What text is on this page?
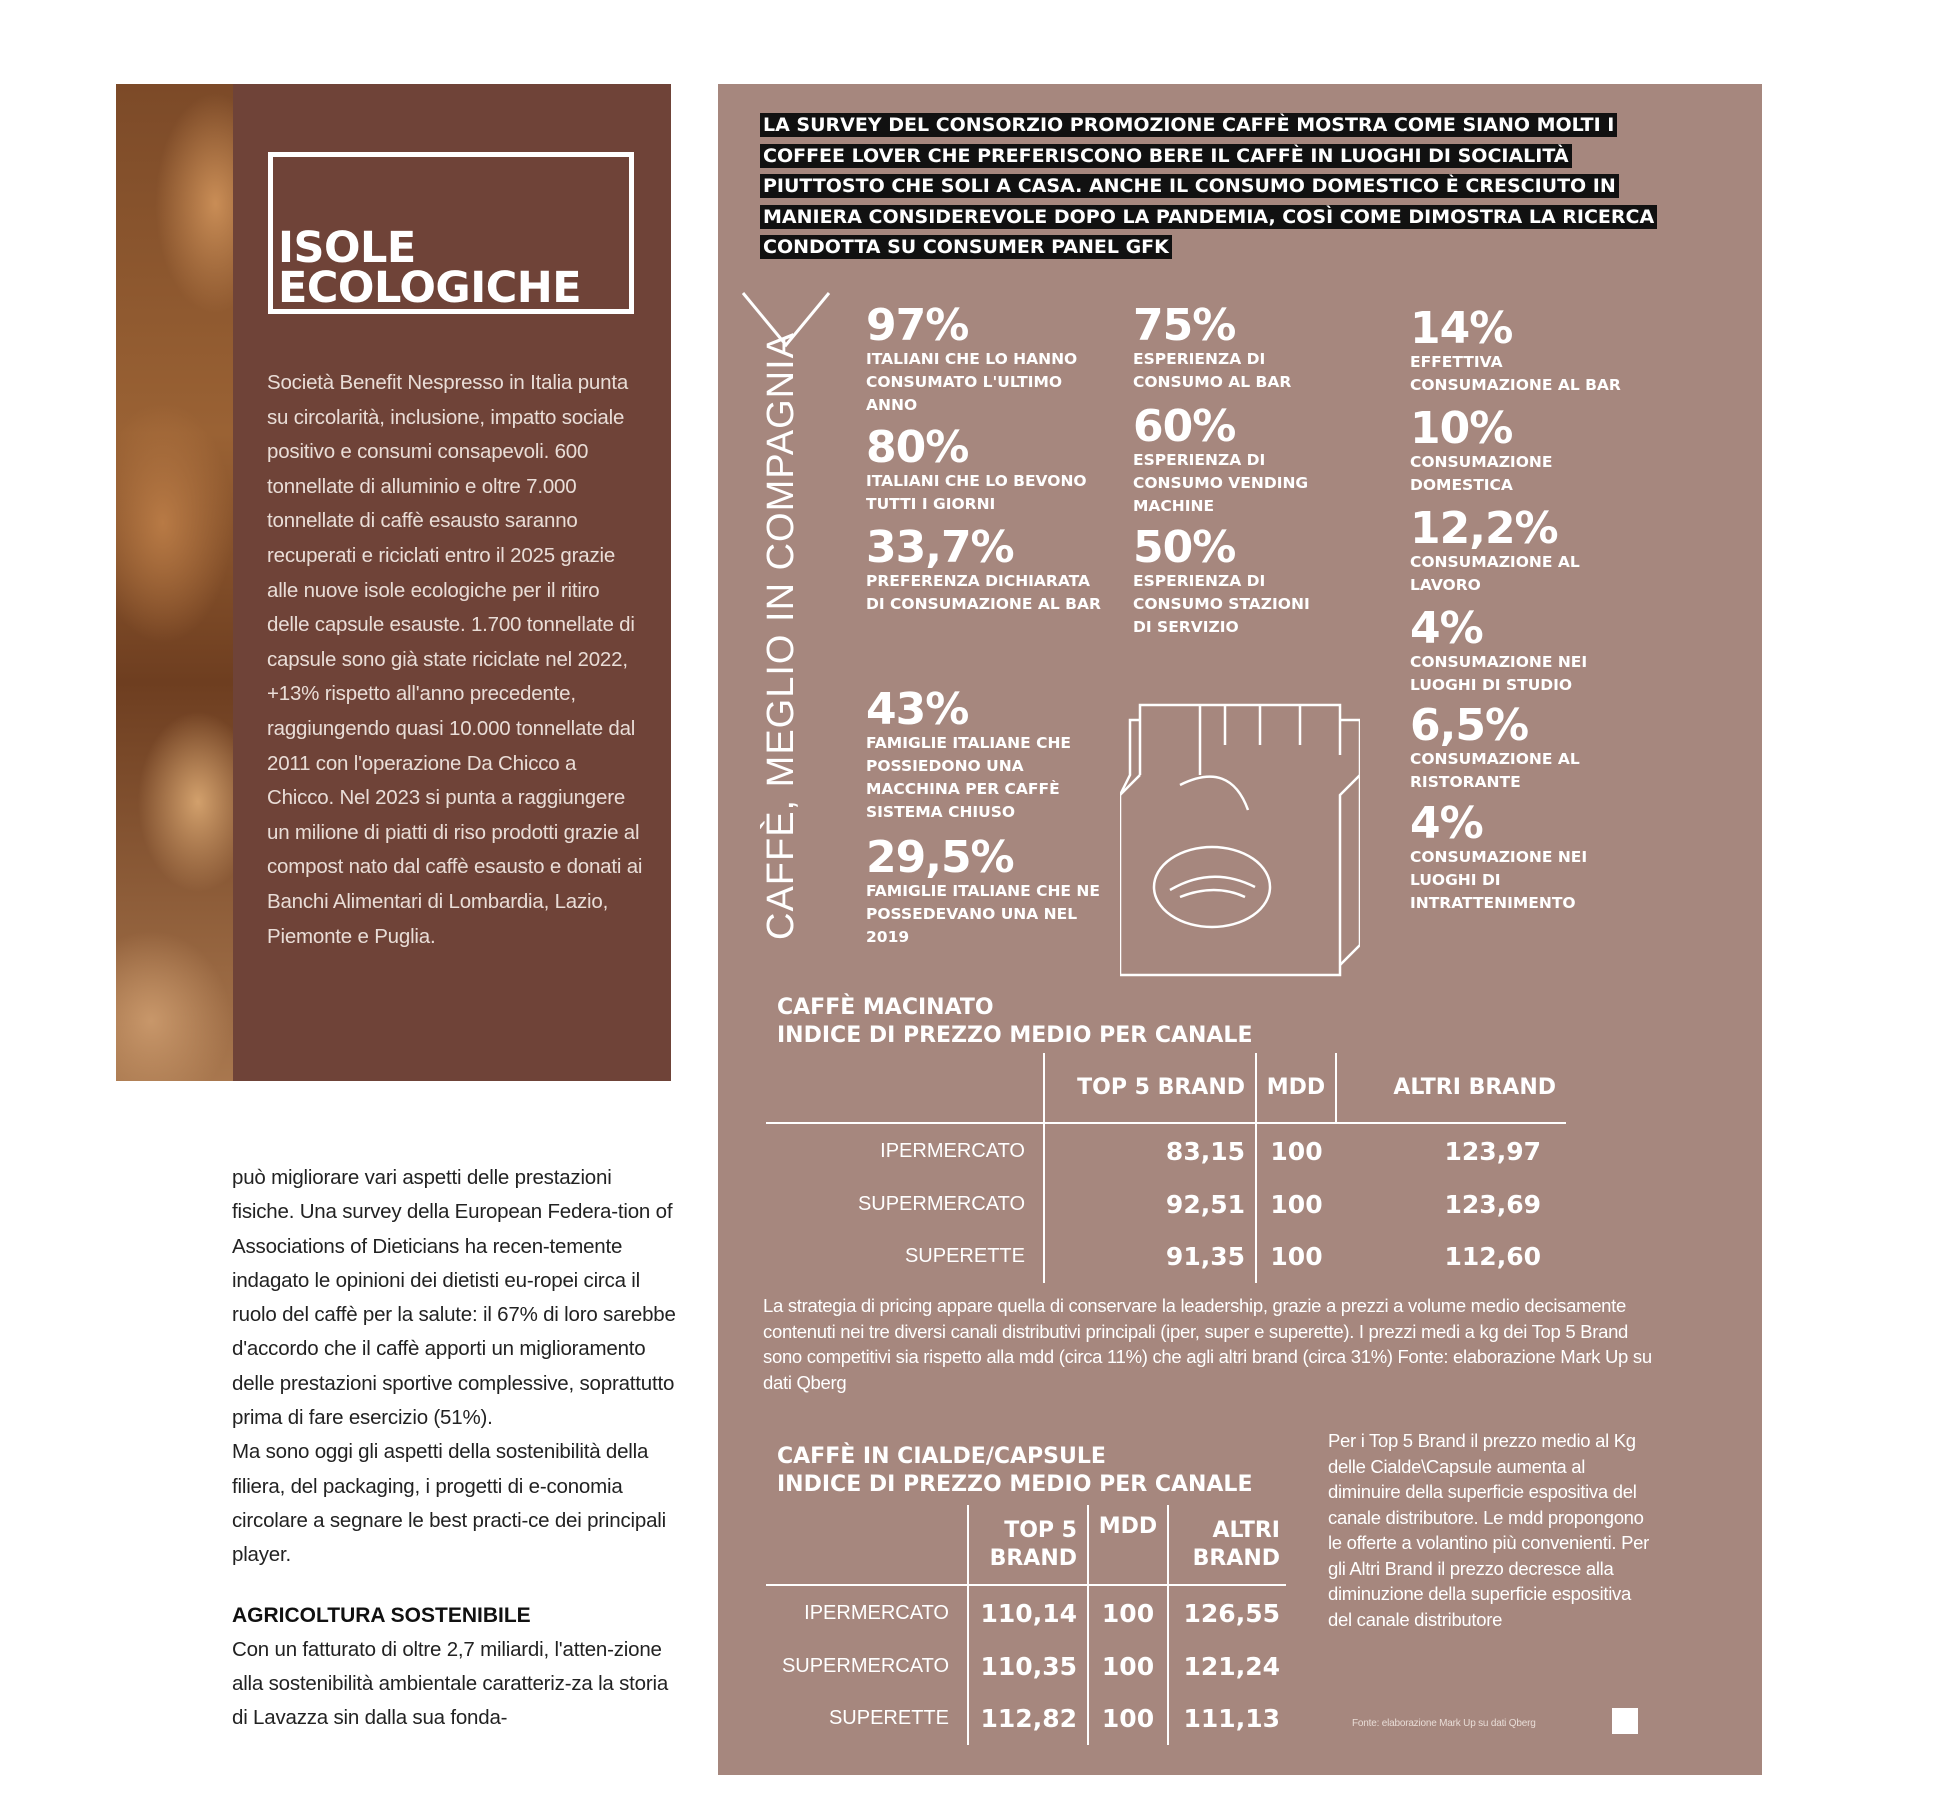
ISOLE
ECOLOGICHE

Società Benefit Nespresso in Italia punta su circolarità, inclusione, impatto sociale positivo e consumi consapevoli. 600 tonnellate di alluminio e oltre 7.000 tonnellate di caffè esausto saranno recuperati e riciclati entro il 2025 grazie alle nuove isole ecologiche per il ritiro delle capsule esauste. 1.700 tonnellate di capsule sono già state riciclate nel 2022, +13% rispetto all'anno precedente, raggiungendo quasi 10.000 tonnellate dal 2011 con l'operazione Da Chicco a Chicco. Nel 2023 si punta a raggiungere un milione di piatti di riso prodotti grazie al compost nato dal caffè esausto e donati ai Banchi Alimentari di Lombardia, Lazio, Piemonte e Puglia.

può migliorare vari aspetti delle prestazioni fisiche. Una survey della European Federa-tion of Associations of Dieticians ha recen-temente indagato le opinioni dei dietisti eu-ropei circa il ruolo del caffè per la salute: il 67% di loro sarebbe d'accordo che il caffè apporti un miglioramento delle prestazioni sportive complessive, soprattutto prima di fare esercizio (51%).

Ma sono oggi gli aspetti della sostenibilità della filiera, del packaging, i progetti di e-conomia circolare a segnare le best practi-ce dei principali player.

AGRICOLTURA SOSTENIBILE

Con un fatturato di oltre 2,7 miliardi, l'atten-zione alla sostenibilità ambientale caratteriz-za la storia di Lavazza sin dalla sua fonda-

LA SURVEY DEL CONSORZIO PROMOZIONE CAFFÈ MOSTRA COME SIANO MOLTI I COFFEE LOVER CHE PREFERISCONO BERE IL CAFFÈ IN LUOGHI DI SOCIALITÀ PIUTTOSTO CHE SOLI A CASA. ANCHE IL CONSUMO DOMESTICO È CRESCIUTO IN MANIERA CONSIDEREVOLE DOPO LA PANDEMIA, COSÌ COME DIMOSTRA LA RICERCA CONDOTTA SU CONSUMER PANEL GFK

CAFFÈ, MEGLIO IN COMPAGNIA

97%
ITALIANI CHE LO HANNO CONSUMATO L'ULTIMO ANNO
80%
ITALIANI CHE LO BEVONO TUTTI I GIORNI
33,7%
PREFERENZA DICHIARATA DI CONSUMAZIONE AL BAR
43%
FAMIGLIE ITALIANE CHE POSSIEDONO UNA MACCHINA PER CAFFÈ SISTEMA CHIUSO
29,5%
FAMIGLIE ITALIANE CHE NE POSSEDEVANO UNA NEL 2019
75%
ESPERIENZA DI CONSUMO AL BAR
60%
ESPERIENZA DI CONSUMO VENDING MACHINE
50%
ESPERIENZA DI CONSUMO STAZIONI DI SERVIZIO
14%
EFFETTIVA CONSUMAZIONE AL BAR
10%
CONSUMAZIONE DOMESTICA
12,2%
CONSUMAZIONE AL LAVORO
4%
CONSUMAZIONE NEI LUOGHI DI STUDIO
6,5%
CONSUMAZIONE AL RISTORANTE
4%
CONSUMAZIONE NEI LUOGHI DI INTRATTENIMENTO
CAFFÈ MACINATO
INDICE DI PREZZO MEDIO PER CANALE
	TOP 5 BRAND	MDD	ALTRI BRAND
IPERMERCATO	83,15	100	123,97
SUPERMERCATO	92,51	100	123,69
SUPERETTE	91,35	100	112,60

La strategia di pricing appare quella di conservare la leadership, grazie a prezzi a volume medio decisamente contenuti nei tre diversi canali distributivi principali (iper, super e superette). I prezzi medi a kg dei Top 5 Brand sono competitivi sia rispetto alla mdd (circa 11%) che agli altri brand (circa 31%) Fonte: elaborazione Mark Up su dati Qberg

CAFFÈ IN CIALDE/CAPSULE
INDICE DI PREZZO MEDIO PER CANALE
	TOP 5 BRAND	MDD	ALTRI BRAND
IPERMERCATO	110,14	100	126,55
SUPERMERCATO	110,35	100	121,24
SUPERETTE	112,82	100	111,13

Per i Top 5 Brand il prezzo medio al Kg delle Cialde\Capsule aumenta al diminuire della superficie espositiva del canale distributore. Le mdd propongono le offerte a volantino più convenienti. Per gli Altri Brand il prezzo decresce alla diminuzione della superficie espositiva del canale distributore

Fonte: elaborazione Mark Up su dati Qberg
